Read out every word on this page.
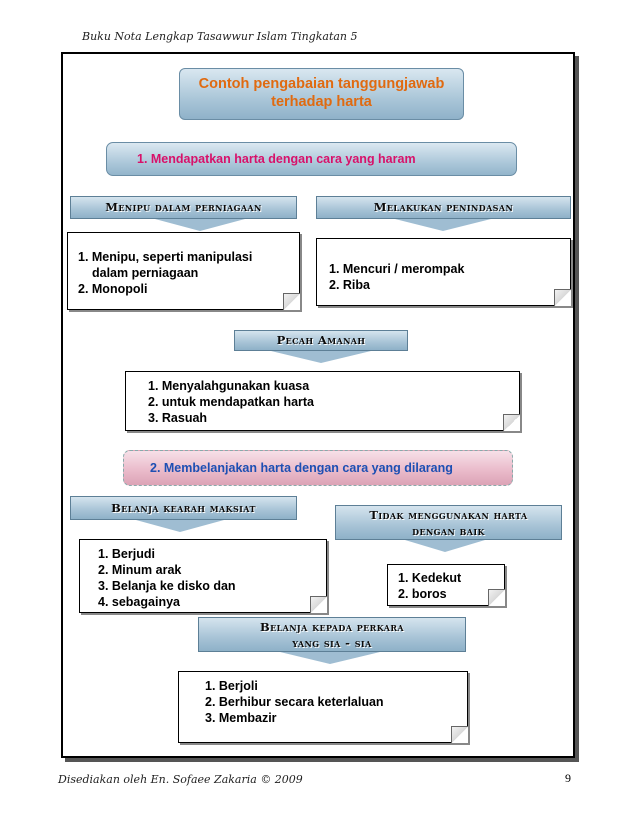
Buku Nota Lengkap Tasawwur Islam Tingkatan 5
Contoh pengabaian tanggungjawab terhadap harta
1. Mendapatkan harta dengan cara yang haram
Menipu dalam perniagaan	Melakukan penindasan
1. Menipu, seperti manipulasi
dalam perniagaan
2. Monopoli
1. Mencuri / merompak
2. Riba
Pecah Amanah
1. Menyalahgunakan kuasa
2. untuk mendapatkan harta
3. Rasuah
2. Membelanjakan harta dengan cara yang dilarang
Belanja kearah maksiat	Tidak menggunakan harta
dengan baik
1. Berjudi
2. Minum arak
3. Belanja ke disko dan
4. sebagainya
1. Kedekut
2. boros
Belanja kepada perkara
yang sia - sia
1. Berjoli
2. Berhibur secara keterlaluan
3. Membazir
Disediakan oleh En. Sofaee Zakaria © 2009	9
